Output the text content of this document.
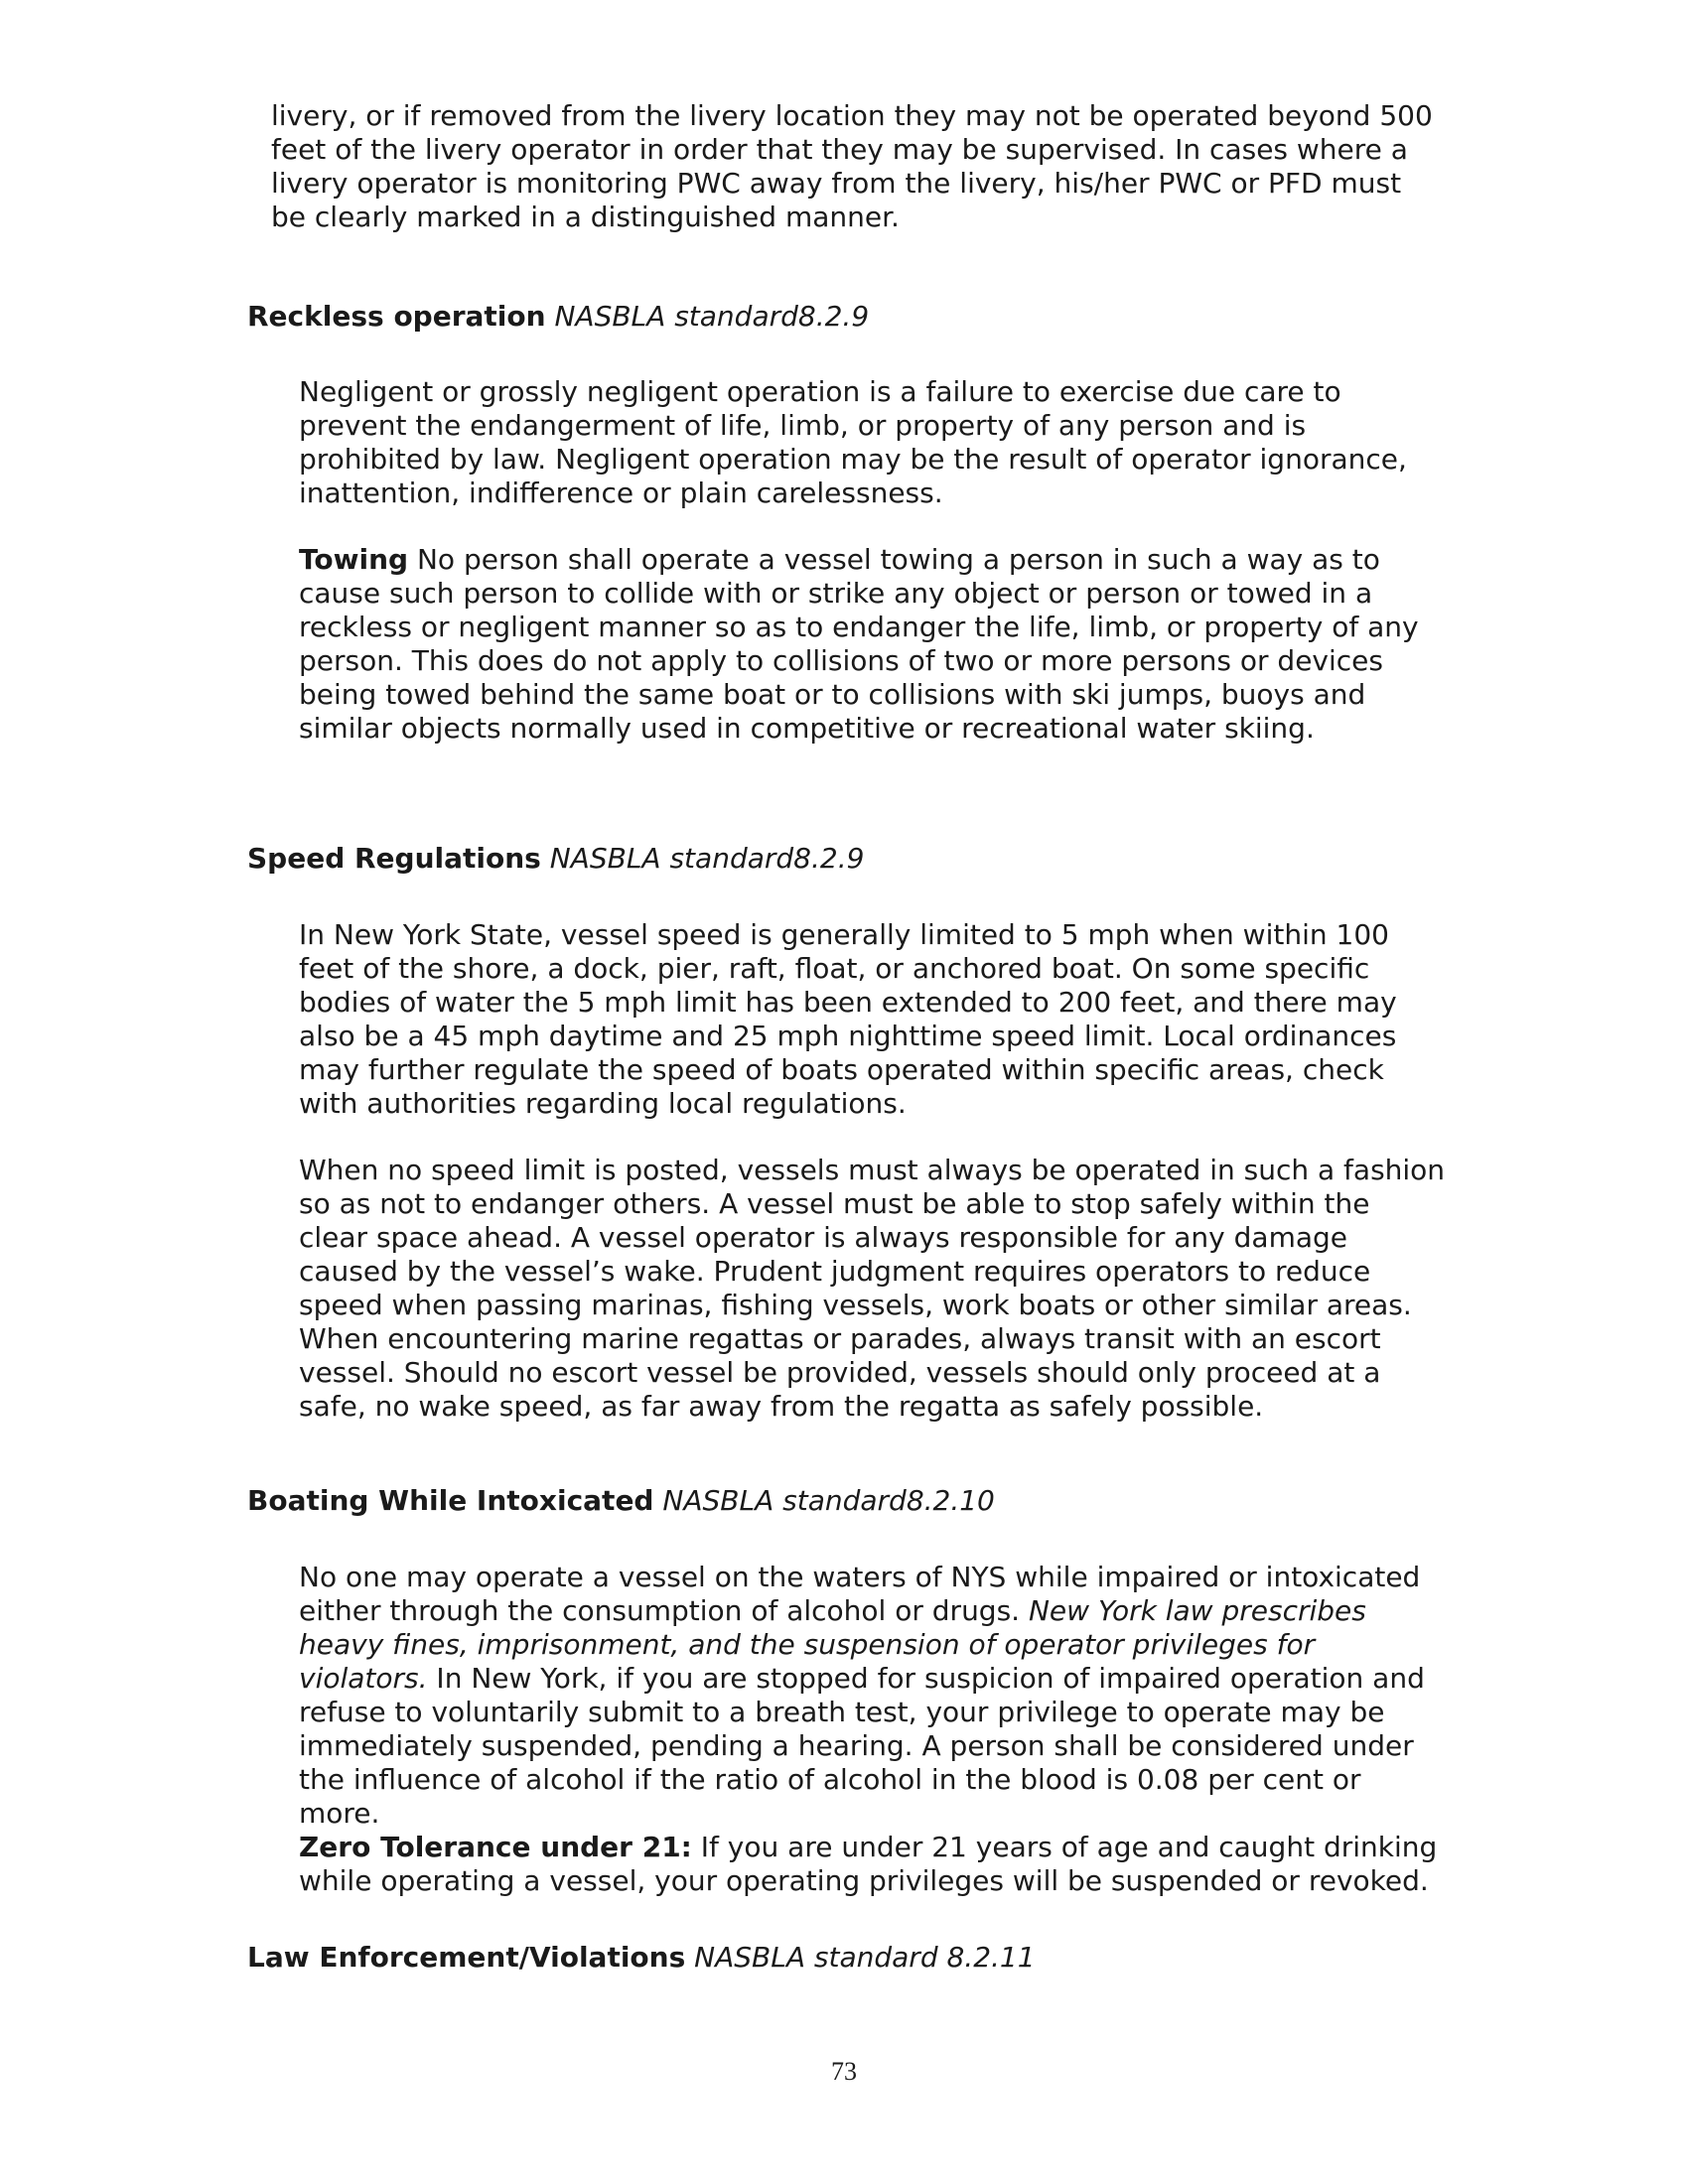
livery, or if removed from the livery location they may not be operated beyond 500
feet of the livery operator in order that they may be supervised. In cases where a
livery operator is monitoring PWC away from the livery, his/her PWC or PFD must
be clearly marked in a distinguished manner.
Reckless operation NASBLA standard8.2.9
Negligent or grossly negligent operation is a failure to exercise due care to
prevent the endangerment of life, limb, or property of any person and is
prohibited by law. Negligent operation may be the result of operator ignorance,
inattention, indifference or plain carelessness.
Towing No person shall operate a vessel towing a person in such a way as to
cause such person to collide with or strike any object or person or towed in a
reckless or negligent manner so as to endanger the life, limb, or property of any
person. This does do not apply to collisions of two or more persons or devices
being towed behind the same boat or to collisions with ski jumps, buoys and
similar objects normally used in competitive or recreational water skiing.
Speed Regulations NASBLA standard8.2.9
In New York State, vessel speed is generally limited to 5 mph when within 100
feet of the shore, a dock, pier, raft, float, or anchored boat. On some specific
bodies of water the 5 mph limit has been extended to 200 feet, and there may
also be a 45 mph daytime and 25 mph nighttime speed limit. Local ordinances
may further regulate the speed of boats operated within specific areas, check
with authorities regarding local regulations.
When no speed limit is posted, vessels must always be operated in such a fashion
so as not to endanger others. A vessel must be able to stop safely within the
clear space ahead. A vessel operator is always responsible for any damage
caused by the vessel’s wake. Prudent judgment requires operators to reduce
speed when passing marinas, fishing vessels, work boats or other similar areas.
When encountering marine regattas or parades, always transit with an escort
vessel. Should no escort vessel be provided, vessels should only proceed at a
safe, no wake speed, as far away from the regatta as safely possible.
Boating While Intoxicated NASBLA standard8.2.10
No one may operate a vessel on the waters of NYS while impaired or intoxicated
either through the consumption of alcohol or drugs. New York law prescribes
heavy fines, imprisonment, and the suspension of operator privileges for
violators. In New York, if you are stopped for suspicion of impaired operation and
refuse to voluntarily submit to a breath test, your privilege to operate may be
immediately suspended, pending a hearing. A person shall be considered under
the influence of alcohol if the ratio of alcohol in the blood is 0.08 per cent or
more.
Zero Tolerance under 21: If you are under 21 years of age and caught drinking
while operating a vessel, your operating privileges will be suspended or revoked.
Law Enforcement/Violations NASBLA standard 8.2.11
73
